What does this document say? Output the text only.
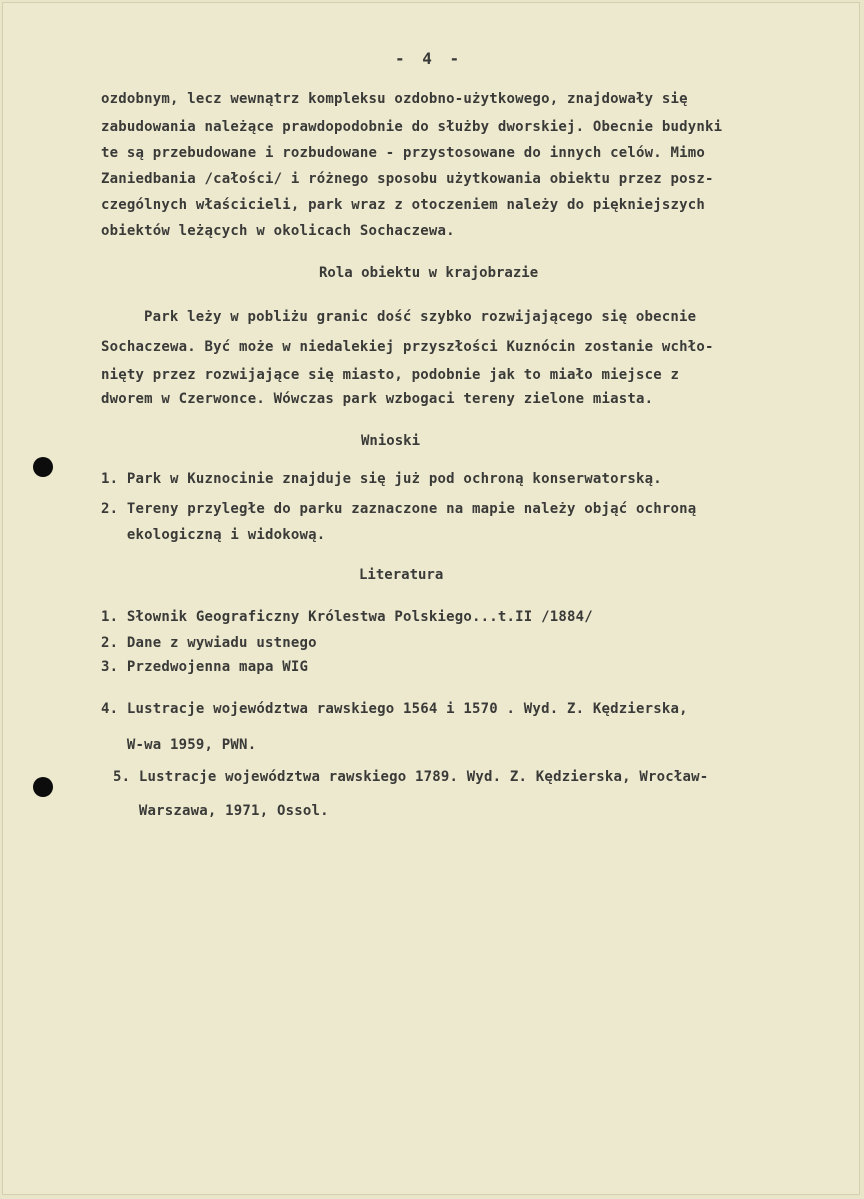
- 4 -
ozdobnym, lecz wewnątrz kompleksu ozdobno-użytkowego, znajdowały się
zabudowania należące prawdopodobnie do służby dworskiej. Obecnie budynki
te są przebudowane i rozbudowane - przystosowane do innych celów. Mimo
Zaniedbania /całości/ i różnego sposobu użytkowania obiektu przez posz-
czególnych właścicieli, park wraz z otoczeniem należy do piękniejszych
obiektów leżących w okolicach Sochaczewa.
Rola obiektu w krajobrazie
Park leży w pobliżu granic dość szybko rozwijającego się obecnie
Sochaczewa. Być może w niedalekiej przyszłości Kuznócin zostanie wchło-
nięty przez rozwijające się miasto, podobnie jak to miało miejsce z
dworem w Czerwonce. Wówczas park wzbogaci tereny zielone miasta.
Wnioski
1. Park w Kuznocinie znajduje się już pod ochroną konserwatorską.
2. Tereny przyległe do parku zaznaczone na mapie należy objąć ochroną
ekologiczną i widokową.
Literatura
1. Słownik Geograficzny Królestwa Polskiego...t.II /1884/
2. Dane z wywiadu ustnego
3. Przedwojenna mapa WIG
4. Lustracje województwa rawskiego 1564 i 1570 . Wyd. Z. Kędzierska,
W-wa 1959, PWN.
5. Lustracje województwa rawskiego 1789. Wyd. Z. Kędzierska, Wrocław-
Warszawa, 1971, Ossol.
